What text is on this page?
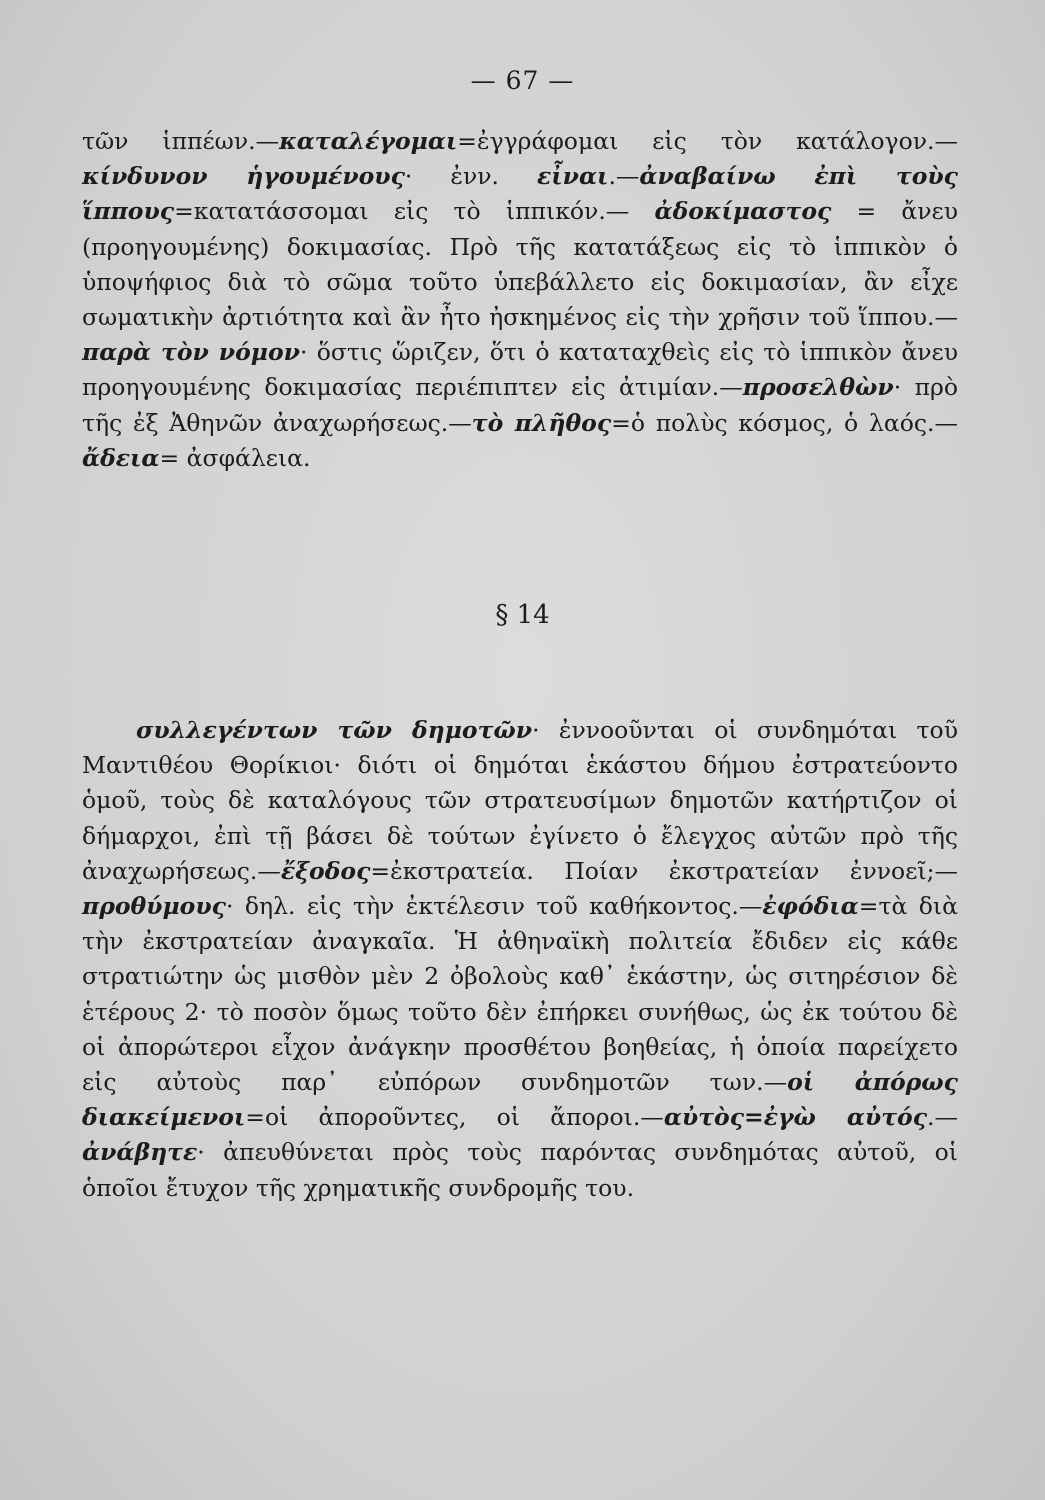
— 67 —

τῶν ἱππέων.—καταλέγομαι=ἐγγράφομαι εἰς τὸν κατάλογον.— κίνδυνον ἡγουμένους· ἐνν. εἶναι.—ἀναβαίνω ἐπὶ τοὺς ἵππους=κατατάσσομαι εἰς τὸ ἱππικόν.— ἀδοκίμαστος = ἄνευ (προηγουμένης) δοκιμασίας. Πρὸ τῆς κατατάξεως εἰς τὸ ἱππικὸν ὁ ὑποψήφιος διὰ τὸ σῶμα τοῦτο ὑπεβάλλετο εἰς δοκιμασίαν, ἂν εἶχε σωματικὴν ἀρτιότητα καὶ ἂν ἦτο ἠσκημένος εἰς τὴν χρῆσιν τοῦ ἵππου.—παρὰ τὸν νόμον· ὅστις ὥριζεν, ὅτι ὁ καταταχθεὶς εἰς τὸ ἱππικὸν ἄνευ προηγουμένης δοκιμασίας περιέπιπτεν εἰς ἀτιμίαν.—προσελθὼν· πρὸ τῆς ἐξ Ἀθηνῶν ἀναχωρήσεως.—τὸ πλῆθος=ὁ πολὺς κόσμος, ὁ λαός.— ἄδεια= ἀσφάλεια.

§ 14

συλλεγέντων τῶν δημοτῶν· ἐννοοῦνται οἱ συνδημόται τοῦ Μαντιθέου Θορίκιοι· διότι οἱ δημόται ἑκάστου δήμου ἐστρατεύοντο ὁμοῦ, τοὺς δὲ καταλόγους τῶν στρατευσίμων δημοτῶν κατήρτιζον οἱ δήμαρχοι, ἐπὶ τῇ βάσει δὲ τούτων ἐγίνετο ὁ ἔλεγχος αὐτῶν πρὸ τῆς ἀναχωρήσεως.—ἔξοδος=ἐκστρατεία. Ποίαν ἐκστρατείαν ἐννοεῖ;—προθύμους· δηλ. εἰς τὴν ἐκτέλεσιν τοῦ καθήκοντος.—ἐφόδια=τὰ διὰ τὴν ἐκστρατείαν ἀναγκαῖα. Ἡ ἀθηναϊκὴ πολιτεία ἔδιδεν εἰς κάθε στρατιώτην ὡς μισθὸν μὲν 2 ὀβολοὺς καθ᾽ ἑκάστην, ὡς σιτηρέσιον δὲ ἑτέρους 2· τὸ ποσὸν ὅμως τοῦτο δὲν ἐπήρκει συνήθως, ὡς ἐκ τούτου δὲ οἱ ἀπορώτεροι εἶχον ἀνάγκην προσθέτου βοηθείας, ἡ ὁποία παρείχετο εἰς αὐτοὺς παρ᾽ εὐπόρων συνδημοτῶν των.—οἱ ἀπόρως διακείμενοι=οἱ ἀποροῦντες, οἱ ἄποροι.—αὐτὸς=ἐγὼ αὐτός.—ἀνάβητε· ἀπευθύνεται πρὸς τοὺς παρόντας συνδημότας αὐτοῦ, οἱ ὁποῖοι ἔτυχον τῆς χρηματικῆς συνδρομῆς του.
